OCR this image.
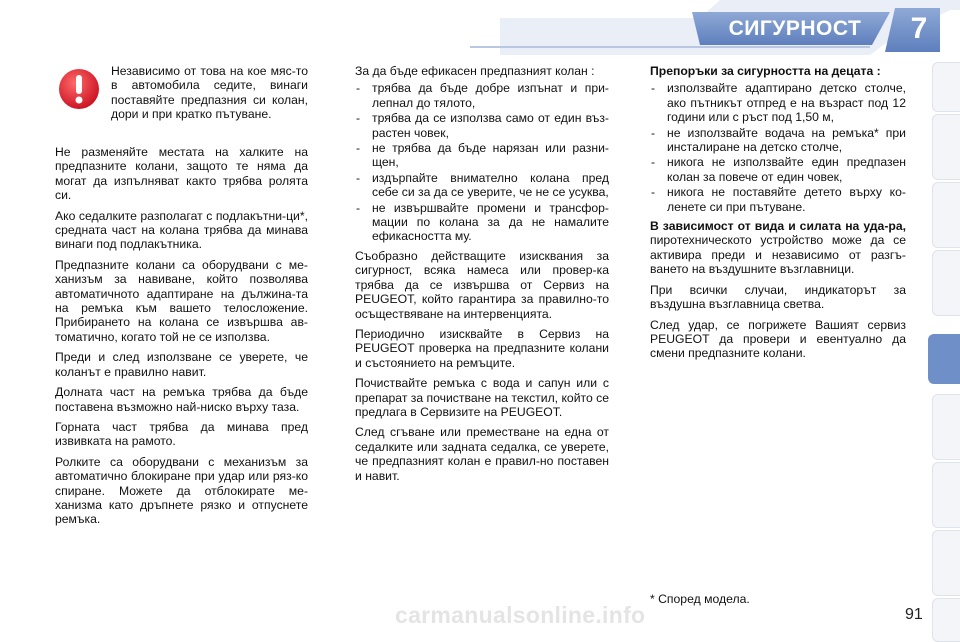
СИГУРНОСТ	7
Независимо от това на кое мяс-то в автомобила седите, винаги поставяйте предпазния си колан, дори и при кратко пътуване.

Не разменяйте местата на халките на предпазните колани, защото те няма да могат да изпълняват както трябва ролята си.

Ако седалките разполагат с подлакътни-ци*, средната част на колана трябва да минава винаги под подлакътника.

Предпазните колани са оборудвани с ме-ханизъм за навиване, който позволява автоматичното адаптиране на дължина-та на ремъка към вашето телосложение. Прибирането на колана се извършва ав-томатично, когато той не се използва.

Преди и след използване се уверете, че коланът е правилно навит.

Долната част на ремъка трябва да бъде поставена възможно най-ниско върху таза.

Горната част трябва да минава пред извивката на рамото.

Ролките са оборудвани с механизъм за автоматично блокиране при удар или ряз-ко спиране. Можете да отблокирате ме-ханизма като дръпнете рязко и отпуснете ремъка.

За да бъде ефикасен предпазният колан :

- трябва да бъде добре изпънат и при-лепнал до тялото,
- трябва да се използва само от един въз-растен човек,
- не трябва да бъде нарязан или разни-щен,
- издърпайте внимателно колана пред себе си за да се уверите, че не се усуква,
- не извършвайте промени и трансфор-мации по колана за да не намалите ефикасността му.

Съобразно действащите изисквания за сигурност, всяка намеса или провер-ка трябва да се извършва от Сервиз на PEUGEOT, който гарантира за правилно-то осъществяване на интервенцията.

Периодично изисквайте в Сервиз на PEUGEOT проверка на предпазните колани и състоянието на ремъците.

Почиствайте ремъка с вода и сапун или с препарат за почистване на текстил, който се предлага в Сервизите на PEUGEOT.

След сгъване или преместване на една от седалките или задната седалка, се уверете, че предпазният колан е правил-но поставен и навит.

Препоръки за сигурността на децата :

- използвайте адаптирано детско столче, ако пътникът отпред е на възраст под 12 години или с ръст под 1,50 м,
- не използвайте водача на ремъка* при инсталиране на детско столче,
- никога не използвайте един предпазен колан за повече от един човек,
- никога не поставяйте детето върху ко-ленете си при пътуване.

В зависимост от вида и силата на уда-ра, пиротехническото устройство може да се активира преди и независимо от разгъ-ването на въздушните възглавници.

При всички случаи, индикаторът за въздушна възглавница светва.

След удар, се погрижете Вашият сервиз PEUGEOT да провери и евентуално да смени предпазните колани.

* Според модела.
carmanualsonline.info	91
